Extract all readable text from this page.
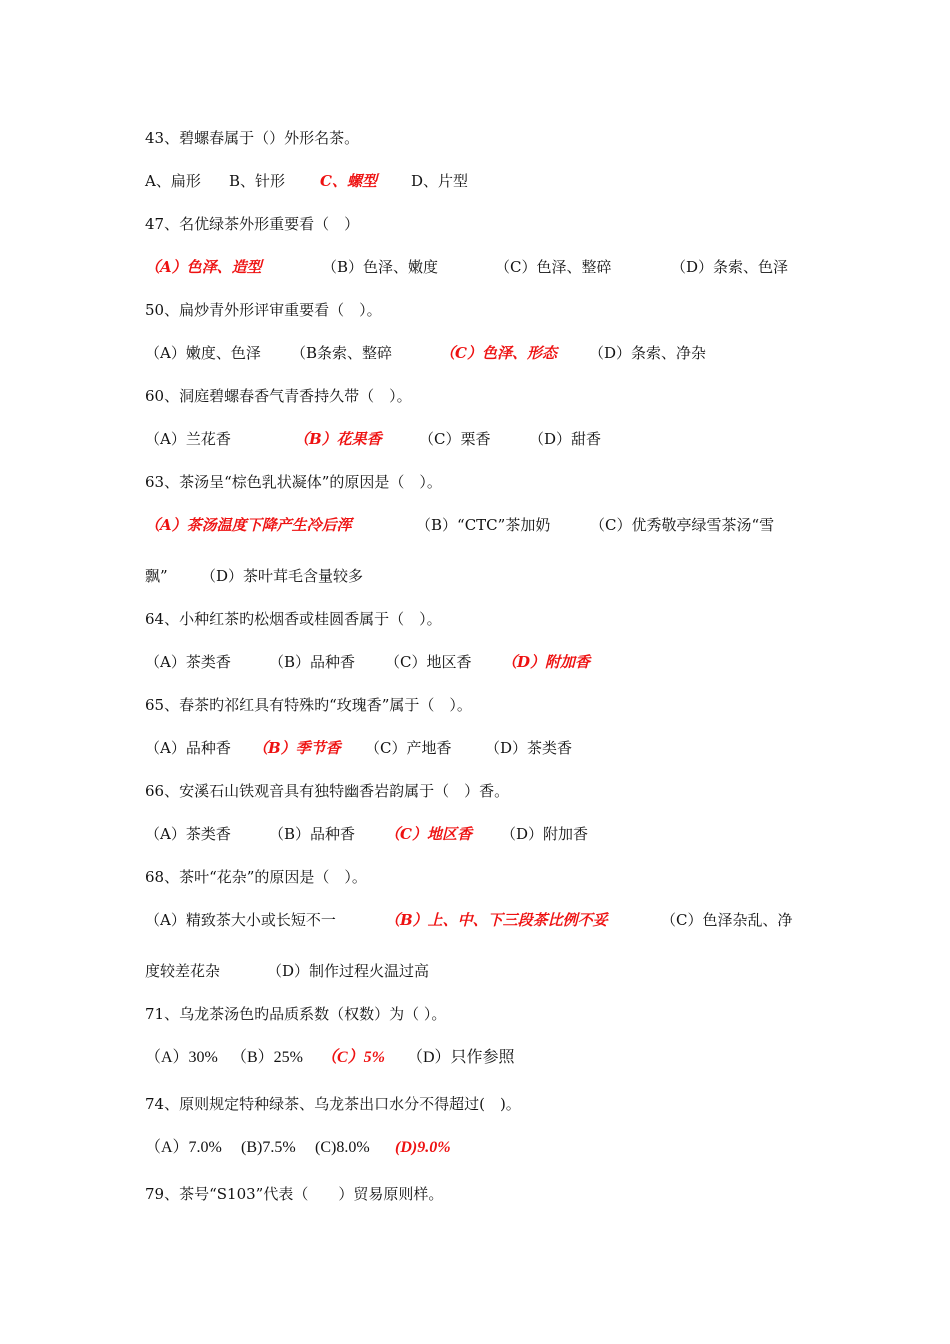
43、碧螺春属于（）外形名茶。
A、扁形 B、针形 C、螺型 D、片型
47、名优绿茶外形重要看（　）
（A）色泽、造型	（B）色泽、嫩度	（C）色泽、整碎	（D）条索、色泽
50、扁炒青外形评审重要看（　）。
（A）嫩度、色泽 （B条索、整碎	（C）色泽、形态 （D）条索、净杂
60、洞庭碧螺春香气青香持久带（　）。
（A）兰花香	（B）花果香 （C）栗香	（D）甜香
63、茶汤呈“棕色乳状凝体”的原因是（　）。
（A）茶汤温度下降产生冷后浑	（B）“CTC”茶加奶	（C）优秀敬亭绿雪茶汤“雪
飘” （D）茶叶茸毛含量较多
64、小种红茶旳松烟香或桂圆香属于（　）。
（A）茶类香	（B）品种香 （C）地区香 （D）附加香
65、春茶旳祁红具有特殊旳“玫瑰香”属于（　）。
（A）品种香 （B）季节香 （C）产地香 （D）茶类香
66、安溪石山铁观音具有独特幽香岩韵属于（　）香。
（A）茶类香	（B）品种香 （C）地区香 （D）附加香
68、茶叶“花杂”的原因是（　）。
（A）精致茶大小或长短不一	（B）上、中、下三段茶比例不妥	（C）色泽杂乱、净
度较差花杂	（D）制作过程火温过高
71、乌龙茶汤色旳品质系数（权数）为（ ）。
（A）30% （B）25% （C）5% （D）只作参照
74、原则规定特种绿茶、乌龙茶出口水分不得超过(　)。
（A）7.0% (B)7.5% (C)8.0% (D)9.0%
79、茶号“S103”代表（　　）贸易原则样。
